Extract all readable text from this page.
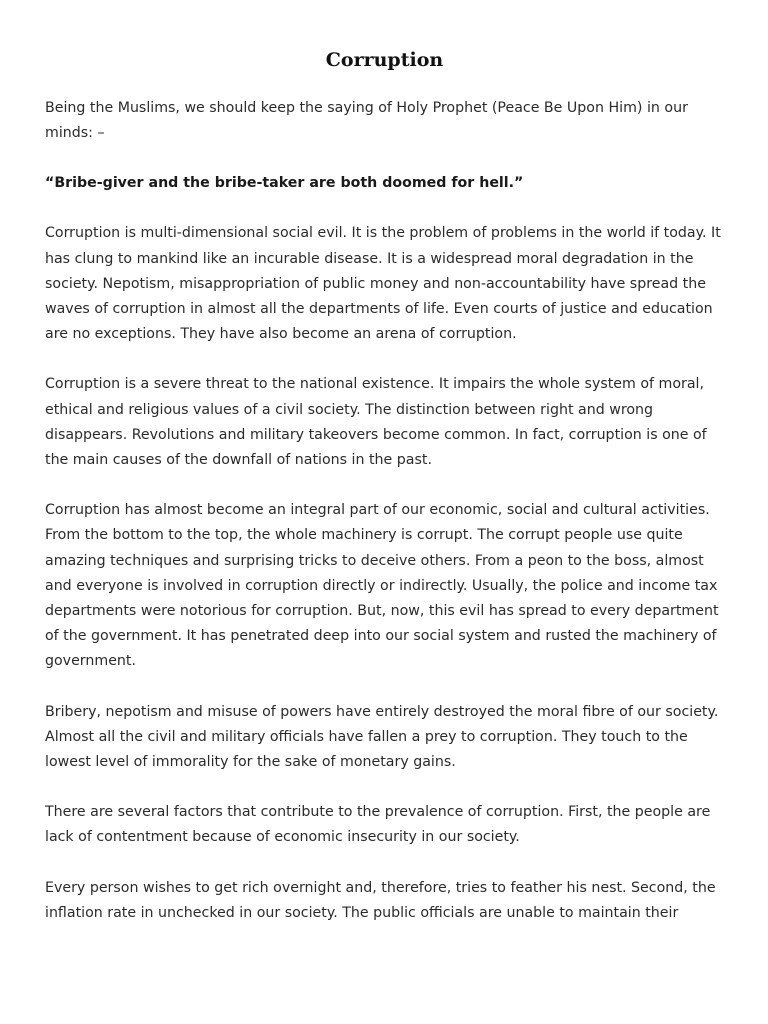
Corruption

Being the Muslims, we should keep the saying of Holy Prophet (Peace Be Upon Him) in our minds: –

“Bribe-giver and the bribe-taker are both doomed for hell.”

Corruption is multi-dimensional social evil. It is the problem of problems in the world if today. It has clung to mankind like an incurable disease. It is a widespread moral degradation in the society. Nepotism, misappropriation of public money and non-accountability have spread the waves of corruption in almost all the departments of life. Even courts of justice and education are no exceptions. They have also become an arena of corruption.

Corruption is a severe threat to the national existence. It impairs the whole system of moral, ethical and religious values of a civil society. The distinction between right and wrong disappears. Revolutions and military takeovers become common. In fact, corruption is one of the main causes of the downfall of nations in the past.

Corruption has almost become an integral part of our economic, social and cultural activities. From the bottom to the top, the whole machinery is corrupt. The corrupt people use quite amazing techniques and surprising tricks to deceive others. From a peon to the boss, almost and everyone is involved in corruption directly or indirectly. Usually, the police and income tax departments were notorious for corruption. But, now, this evil has spread to every department of the government. It has penetrated deep into our social system and rusted the machinery of government.

Bribery, nepotism and misuse of powers have entirely destroyed the moral fibre of our society. Almost all the civil and military officials have fallen a prey to corruption. They touch to the lowest level of immorality for the sake of monetary gains.

There are several factors that contribute to the prevalence of corruption. First, the people are lack of contentment because of economic insecurity in our society.

Every person wishes to get rich overnight and, therefore, tries to feather his nest. Second, the inflation rate in unchecked in our society. The public officials are unable to maintain their
